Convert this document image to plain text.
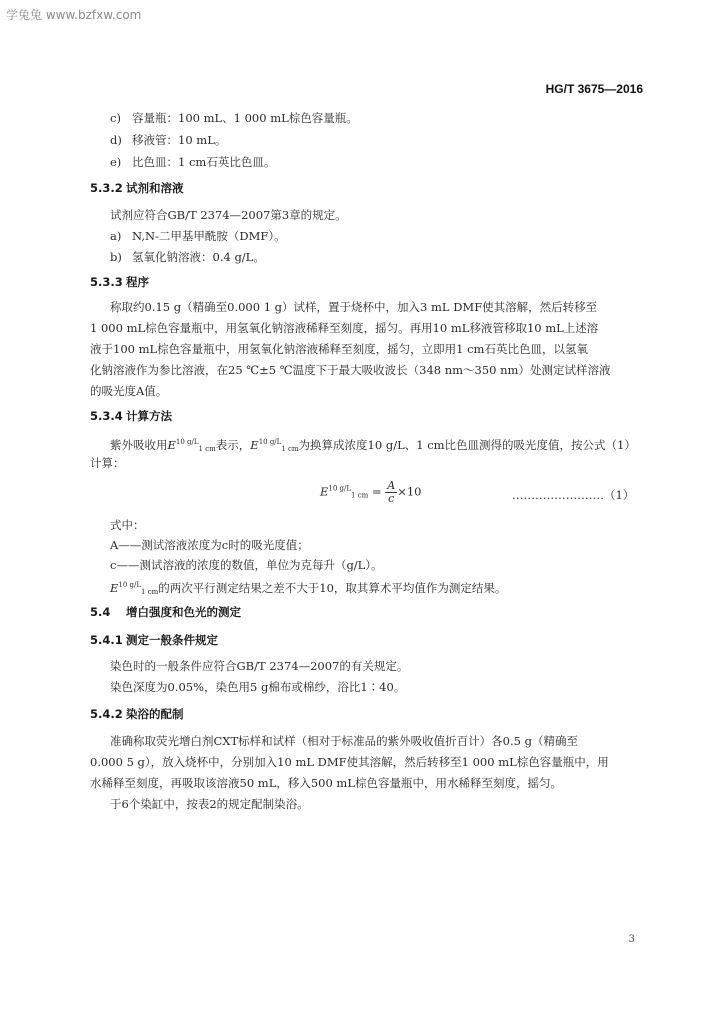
学兔兔 www.bzfxw.com
HG/T 3675—2016
c) 容量瓶：100 mL、1 000 mL棕色容量瓶。
d) 移液管：10 mL。
e) 比色皿：1 cm石英比色皿。
5.3.2 试剂和溶液
试剂应符合GB/T 2374—2007第3章的规定。
a) N,N-二甲基甲酰胺（DMF）。
b) 氢氧化钠溶液：0.4 g/L。
5.3.3 程序
称取约0.15 g（精确至0.000 1 g）试样，置于烧杯中，加入3 mL DMF使其溶解，然后转移至
1 000 mL棕色容量瓶中，用氢氧化钠溶液稀释至刻度，摇匀。再用10 mL移液管移取10 mL上述溶
液于100 mL棕色容量瓶中，用氢氧化钠溶液稀释至刻度，摇匀，立即用1 cm石英比色皿，以氢氧
化钠溶液作为参比溶液，在25 ℃±5 ℃温度下于最大吸收波长（348 nm～350 nm）处测定试样溶液
的吸光度A值。
5.3.4 计算方法
紫外吸收用$E^{10 g/L}_{1 cm}$表示，$E^{10 g/L}_{1 cm}$为换算成浓度10 g/L、1 cm比色皿测得的吸光度值，按公式（1）
计算：
$E^{10 g/L}_{1 cm} = \frac{A}{c} \times 10$	……………………（1）
式中：
A——测试溶液浓度为c时的吸光度值；
c——测试溶液的浓度的数值，单位为克每升（g/L）。
$E^{10 g/L}_{1 cm}$的两次平行测定结果之差不大于10，取其算术平均值作为测定结果。
5.4 增白强度和色光的测定
5.4.1 测定一般条件规定
染色时的一般条件应符合GB/T 2374—2007的有关规定。
染色深度为0.05%，染色用5 g棉布或棉纱，浴比1∶40。
5.4.2 染浴的配制
准确称取荧光增白剂CXT标样和试样（相对于标准品的紫外吸收值折百计）各0.5 g（精确至
0.000 5 g），放入烧杯中，分别加入10 mL DMF使其溶解，然后转移至1 000 mL棕色容量瓶中，用
水稀释至刻度，再吸取该溶液50 mL，移入500 mL棕色容量瓶中，用水稀释至刻度，摇匀。
于6个染缸中，按表2的规定配制染浴。
3
